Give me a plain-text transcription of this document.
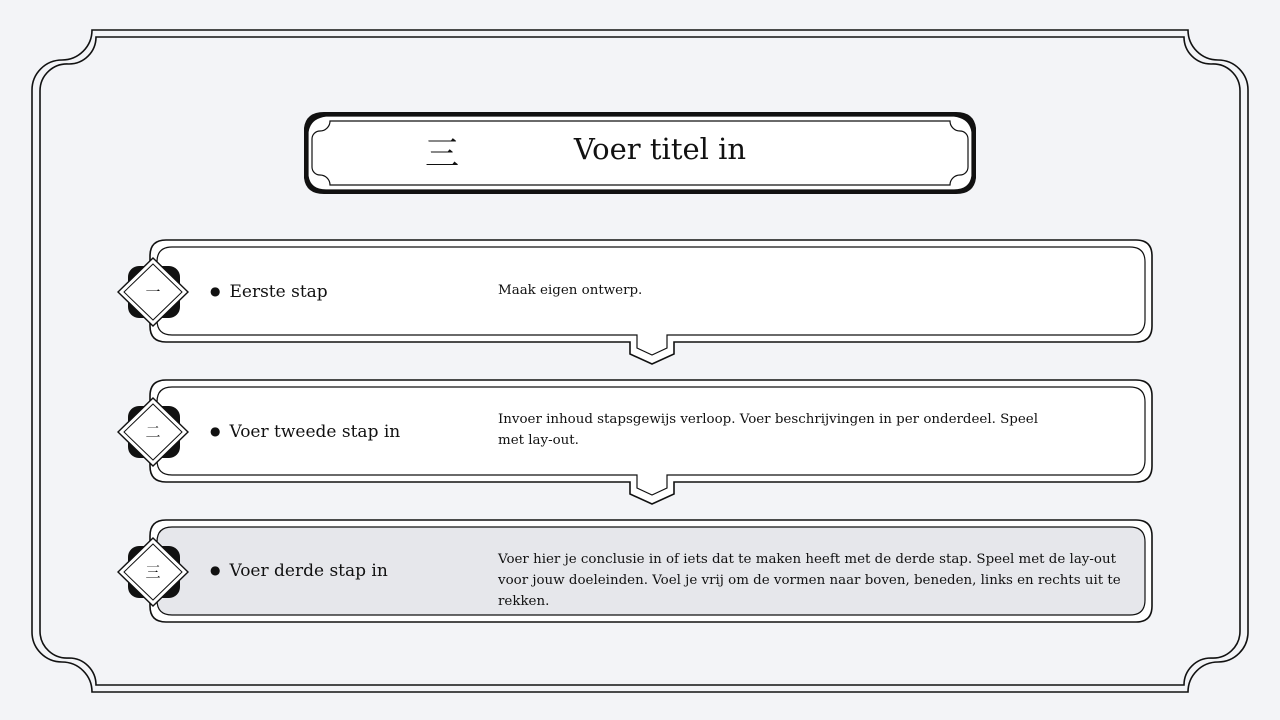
三	Voer titel in
一
二
三
● Eerste stap	Maak eigen ontwerp.
● Voer tweede stap in
Invoer inhoud stapsgewijs verloop. Voer beschrijvingen in per onderdeel. Speel met lay-out.
● Voer derde stap in
Voer hier je conclusie in of iets dat te maken heeft met de derde stap. Speel met de lay-out voor jouw doeleinden. Voel je vrij om de vormen naar boven, beneden, links en rechts uit te rekken.
